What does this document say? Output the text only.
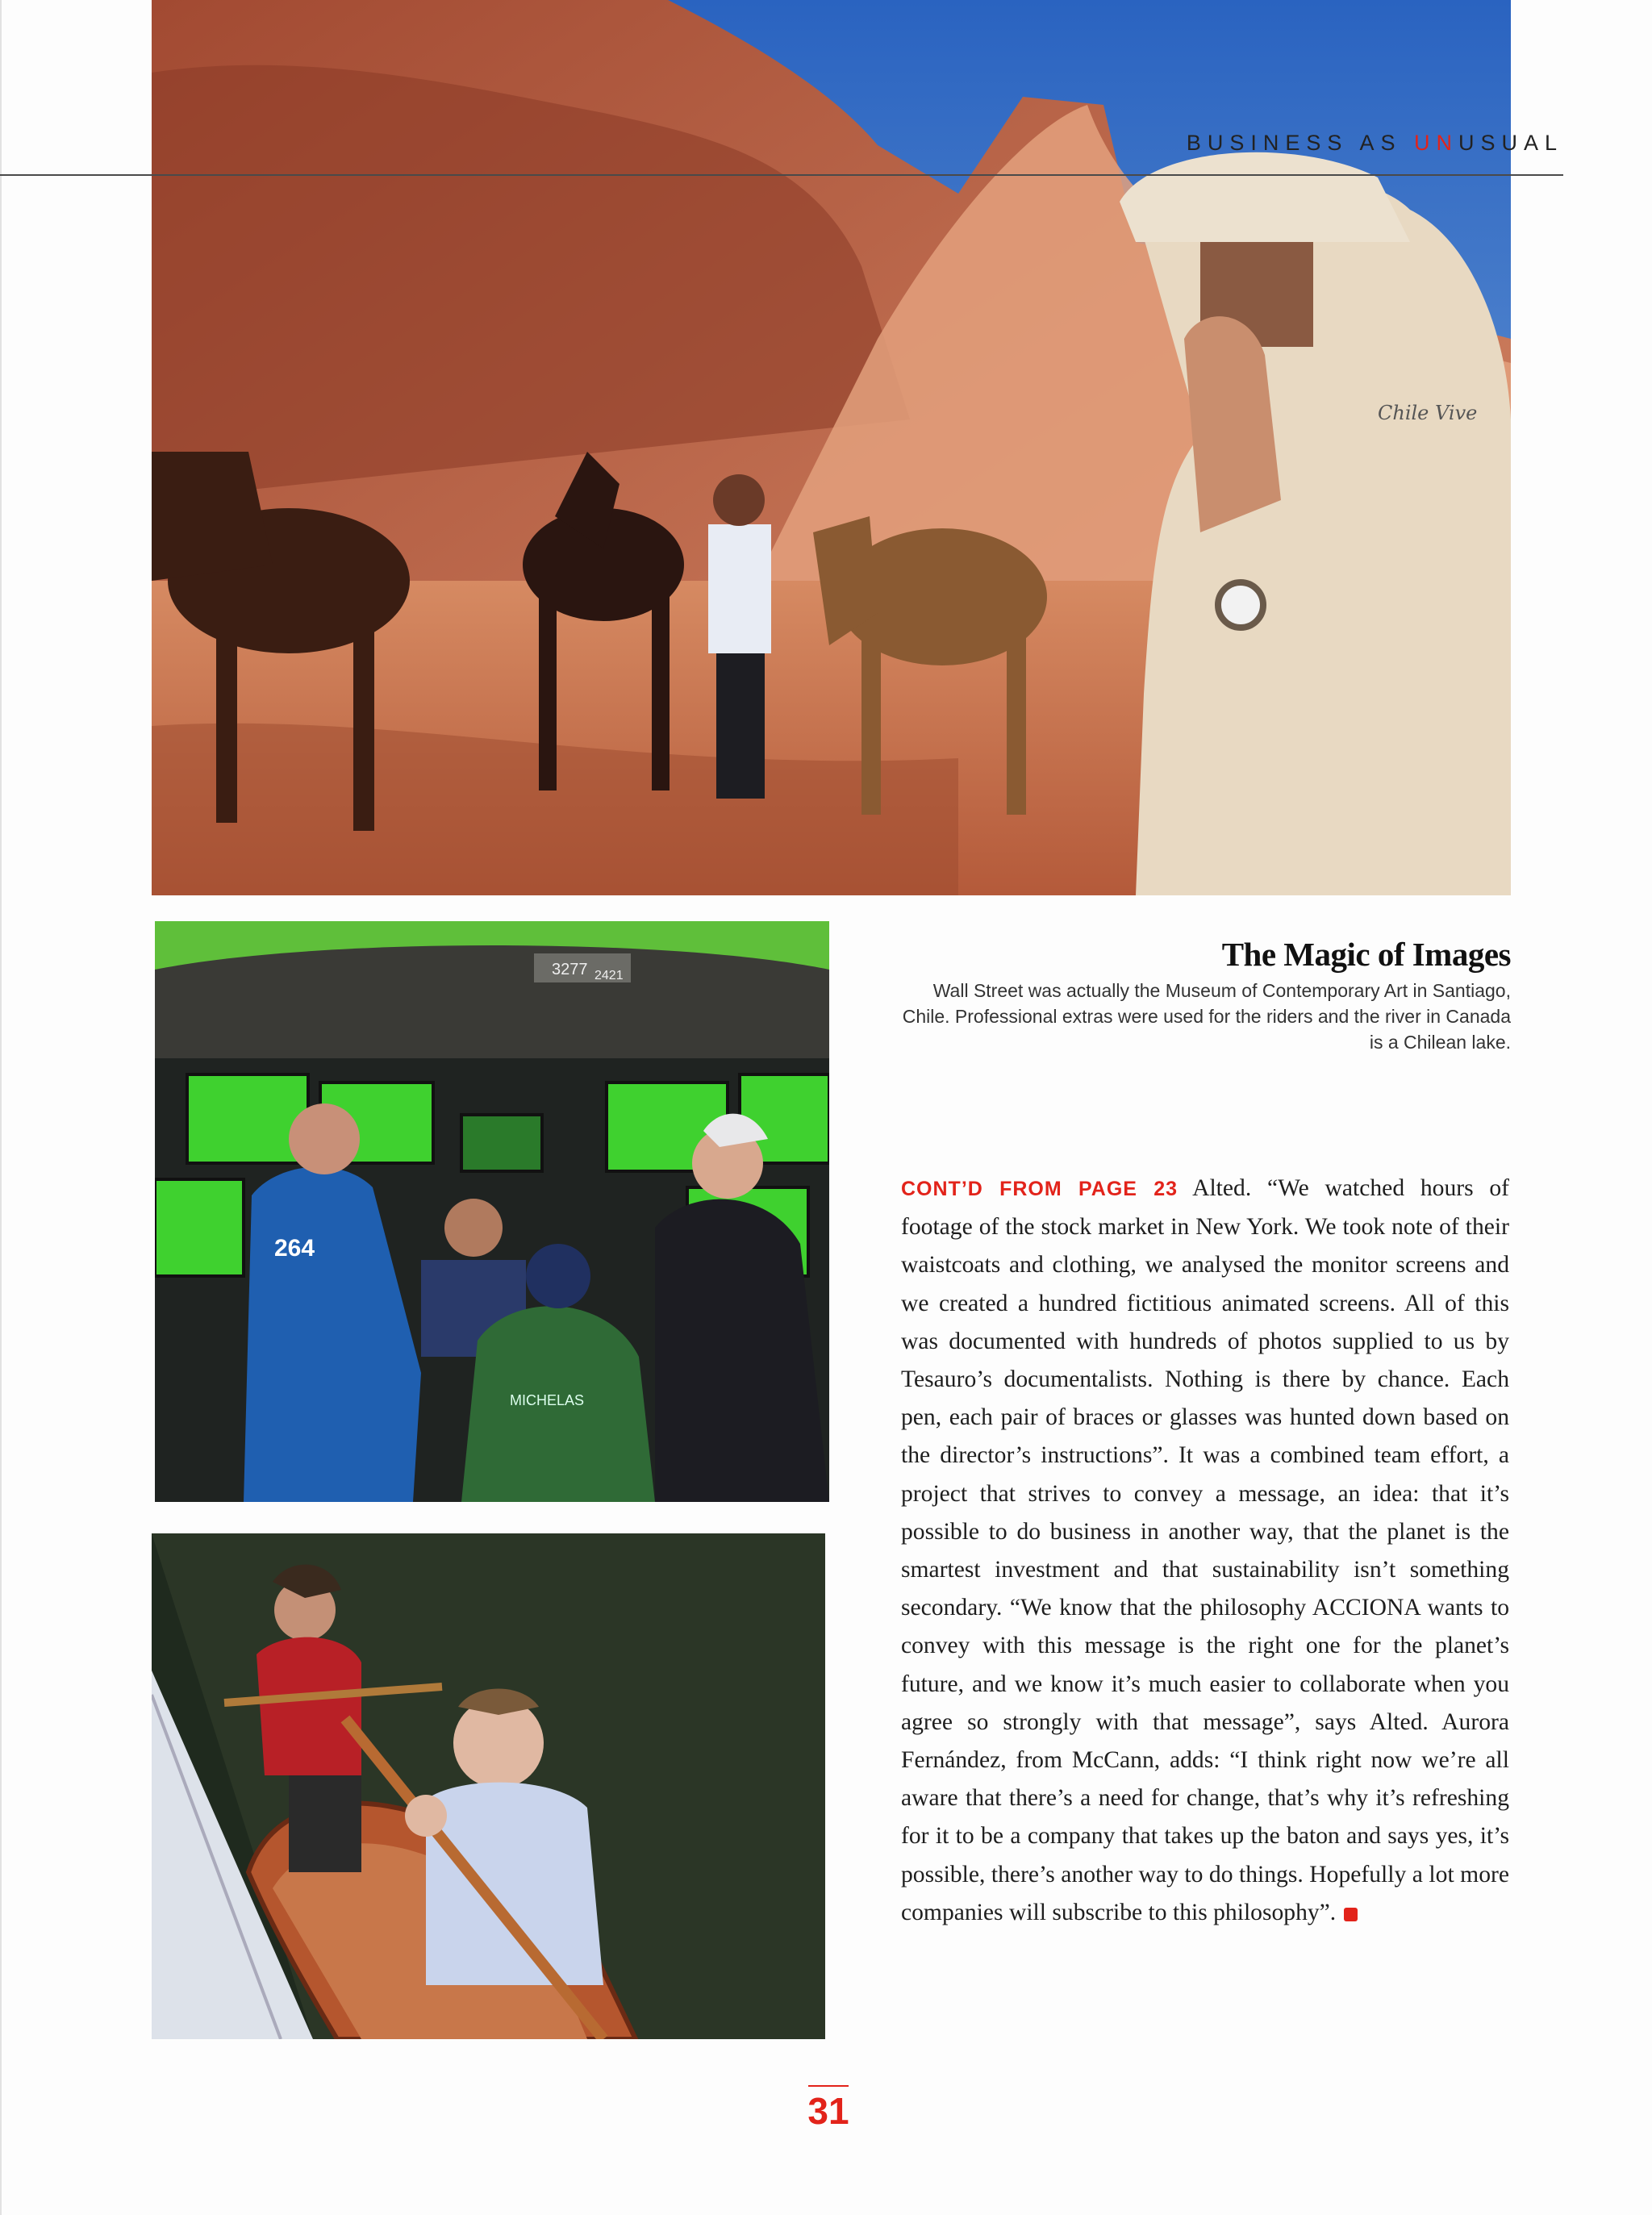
Chile Vive
BUSINESS AS UNUSUAL
3277 2421
264
MICHELAS
The Magic of Images
Wall Street was actually the Museum of Contemporary Art in Santiago, Chile. Professional extras were used for the riders and the river in Canada is a Chilean lake.

CONT’D FROM PAGE 23 Alted. “We watched hours of footage of the stock market in New York. We took note of their waistcoats and clothing, we analysed the monitor screens and we created a hundred fictitious animated screens. All of this was documented with hundreds of photos supplied to us by Tesauro’s documentalists. Nothing is there by chance. Each pen, each pair of braces or glasses was hunted down based on the director’s instructions”. It was a combined team effort, a project that strives to convey a message, an idea: that it’s possible to do business in another way, that the planet is the smartest investment and that sustainability isn’t something secondary. “We know that the philosophy ACCIONA wants to convey with this message is the right one for the planet’s future, and we know it’s much easier to collaborate when you agree so strongly with that message”, says Alted. Aurora Fernández, from McCann, adds: “I think right now we’re all aware that there’s a need for change, that’s why it’s refreshing for it to be a company that takes up the baton and says yes, it’s possible, there’s another way to do things. Hopefully a lot more companies will subscribe to this philosophy”.

31
